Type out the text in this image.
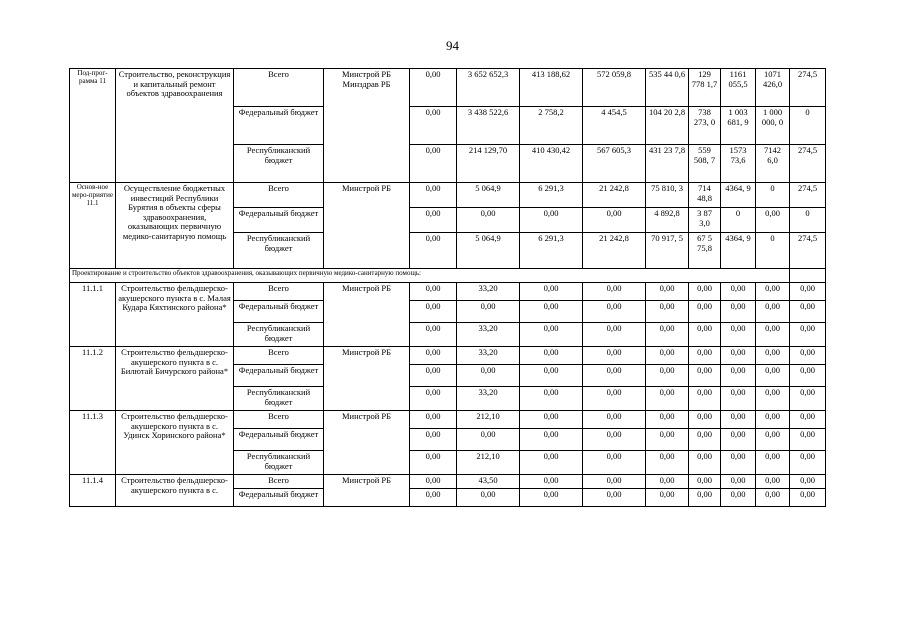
94
Под-прог-рамма 11	Строительство, реконструкция и капитальный ремонт объектов здравоохранения	Всего	Минстрой РБ Минздрав РБ	0,00	3 652 652,3	413 188,62	572 059,8	535 44 0,6	129 778 1,7	1161 055,5	1071 426,0	274,5
		Федеральный бюджет		0,00	3 438 522,6	2 758,2	4 454,5	104 20 2,8	738 273, 0	1 003 681, 9	1 000 000, 0	0
		Республиканский бюджет		0,00	214 129,70	410 430,42	567 605,3	431 23 7,8	559 508, 7	1573 73,6	7142 6,0	274,5
Основ-ное меро-приятие 11.1	Осуществление бюджетных инвестиций Республики Бурятия в объекты сферы здравоохранения, оказывающих первичную медико-санитарную помощь	Всего	Минстрой РБ	0,00	5 064,9	6 291,3	21 242,8	75 810, 3	714 48,8	4364, 9	0	274,5
		Федеральный бюджет		0,00	0,00	0,00	0,00	4 892,8	3 87 3,0	0	0,00	0
		Республиканский бюджет		0,00	5 064,9	6 291,3	21 242,8	70 917, 5	67 5 75,8	4364, 9	0	274,5
Проектирование и строительство объектов здравоохранения, оказывающих первичную медико-санитарную помощь:												
11.1.1	Строительство фельдшерско-акушерского пункта в с. Малая Кудара Кяхтинского района*	Всего	Минстрой РБ	0,00	33,20	0,00	0,00	0,00	0,00	0,00	0,00	0,00
		Федеральный бюджет		0,00	0,00	0,00	0,00	0,00	0,00	0,00	0,00	0,00
		Республиканский бюджет		0,00	33,20	0,00	0,00	0,00	0,00	0,00	0,00	0,00
11.1.2	Строительство фельдшерско-акушерского пункта в с. Билютай Бичурского района*	Всего	Минстрой РБ	0,00	33,20	0,00	0,00	0,00	0,00	0,00	0,00	0,00
		Федеральный бюджет		0,00	0,00	0,00	0,00	0,00	0,00	0,00	0,00	0,00
		Республиканский бюджет		0,00	33,20	0,00	0,00	0,00	0,00	0,00	0,00	0,00
11.1.3	Строительство фельдшерско-акушерского пункта в с. Удинск Хоринского района*	Всего	Минстрой РБ	0,00	212,10	0,00	0,00	0,00	0,00	0,00	0,00	0,00
		Федеральный бюджет		0,00	0,00	0,00	0,00	0,00	0,00	0,00	0,00	0,00
		Республиканский бюджет		0,00	212,10	0,00	0,00	0,00	0,00	0,00	0,00	0,00
11.1.4	Строительство фельдшерско-акушерского пункта в с.	Всего	Минстрой РБ	0,00	43,50	0,00	0,00	0,00	0,00	0,00	0,00	0,00
		Федеральный бюджет		0,00	0,00	0,00	0,00	0,00	0,00	0,00	0,00	0,00
